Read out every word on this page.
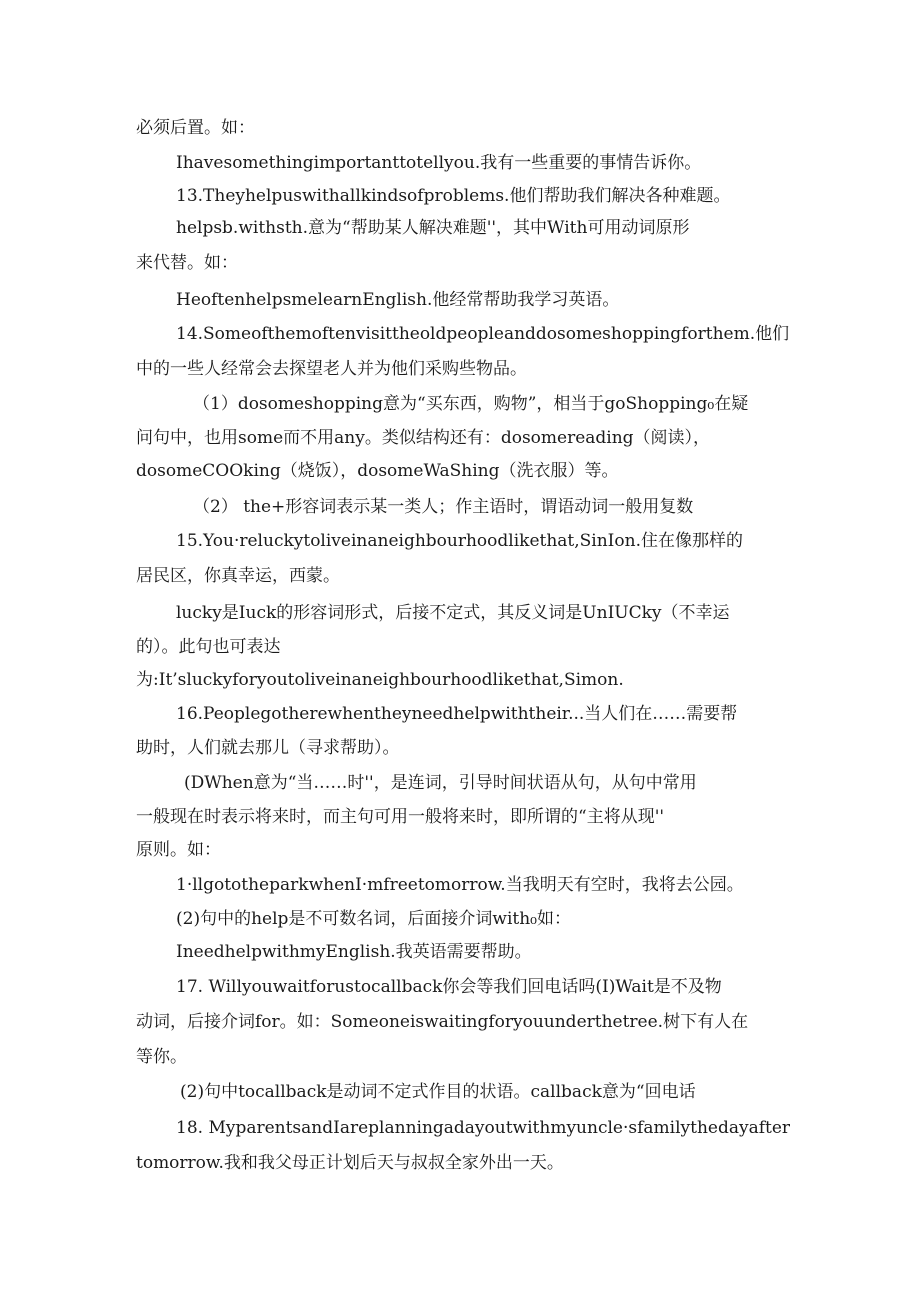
必须后置。如：
Ihavesomethingimportanttotellyou.我有一些重要的事情告诉你。
13.Theyhelpuswithallkindsofproblems.他们帮助我们解决各种难题。
helpsb.withsth.意为“帮助某人解决难题''，其中With可用动词原形
来代替。如：
HeoftenhelpsmelearnEnglish.他经常帮助我学习英语。
14.Someofthemoftenvisittheoldpeopleanddosomeshoppingforthem.他们
中的一些人经常会去探望老人并为他们采购些物品。
（1）dosomeshopping意为“买东西，购物”，相当于goShopping₀在疑
问句中，也用some而不用any。类似结构还有：dosomereading（阅读），
dosomeCOOking（烧饭），dosomeWaShing（洗衣服）等。
（2） the+形容词表示某一类人；作主语时，谓语动词一般用复数
15.You·reluckytoliveinaneighbourhoodlikethat,SinIon.住在像那样的
居民区，你真幸运，西蒙。
lucky是Iuck的形容词形式，后接不定式，其反义词是UnIUCky（不幸运
的）。此句也可表达
为:It’sluckyforyoutoliveinaneighbourhoodlikethat,Simon.
16.Peoplegotherewhentheyneedhelpwiththeir...当人们在……需要帮
助时，人们就去那儿（寻求帮助）。
(DWhen意为“当……时''，是连词，引导时间状语从句，从句中常用
一般现在时表示将来时，而主句可用一般将来时，即所谓的“主将从现''
原则。如：
1·llgotothepark​whenI·mfreetomorrow.当我明天有空时，我将去公园。
(2)句中的help是不可数名词，后面接介词with₀如：
IneedhelpwithmyEnglish.我英语需要帮助。
17. Willyouwaitforustocallback你会等我们回电话吗(I)Wait是不及物
动词，后接介词for。如：Someoneiswaitingforyouunderthetree.树下有人在
等你。
(2)句中tocallback是动词不定式作目的状语。callback意为“回电话
18. MyparentsandIareplanningadayoutwithmyuncle·sfamilythedayafter
tomorrow.我和我父母正计划后天与叔叔全家外出一天。
